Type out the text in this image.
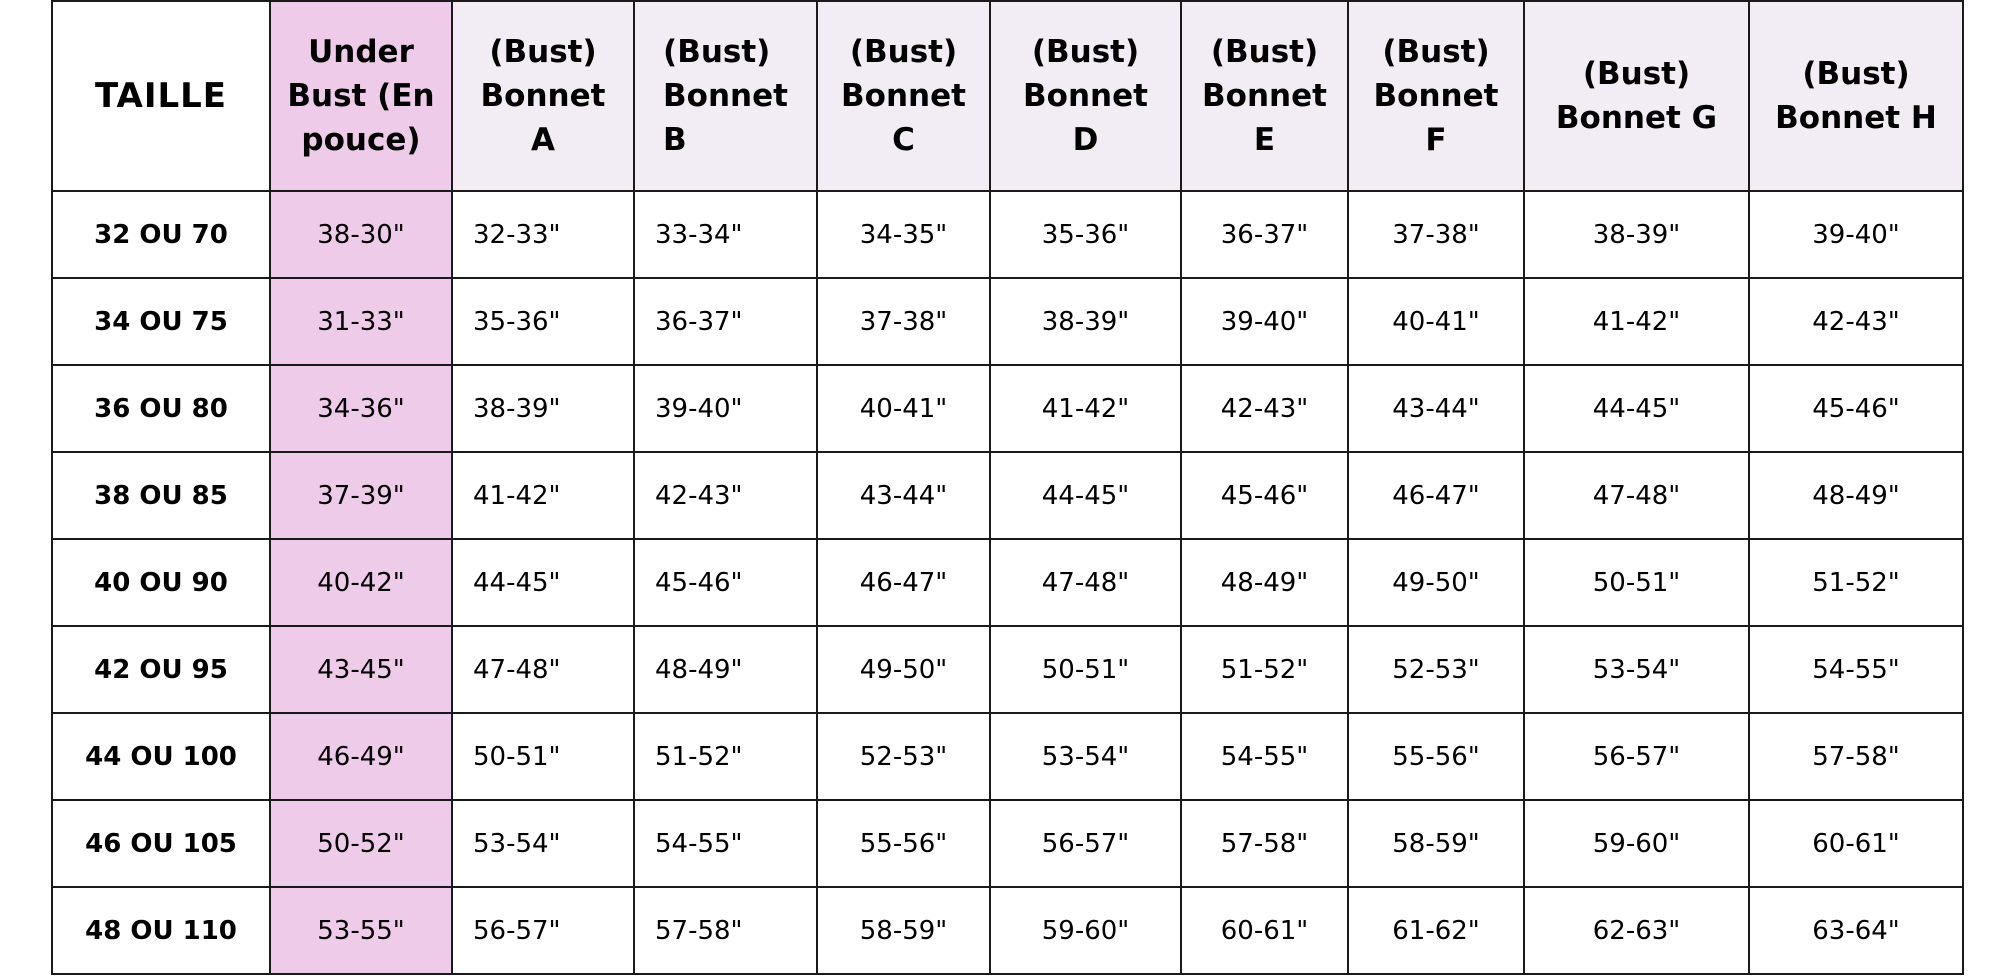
TAILLE	Under
Bust (En
pouce)	(Bust)
Bonnet
A	(Bust)
Bonnet
B	(Bust)
Bonnet
C	(Bust)
Bonnet
D	(Bust)
Bonnet
E	(Bust)
Bonnet
F	(Bust)
Bonnet G	(Bust)
Bonnet H
32 OU 70	38-30"	32-33"	33-34"	34-35"	35-36"	36-37"	37-38"	38-39"	39-40"
34 OU 75	31-33"	35-36"	36-37"	37-38"	38-39"	39-40"	40-41"	41-42"	42-43"
36 OU 80	34-36"	38-39"	39-40"	40-41"	41-42"	42-43"	43-44"	44-45"	45-46"
38 OU 85	37-39"	41-42"	42-43"	43-44"	44-45"	45-46"	46-47"	47-48"	48-49"
40 OU 90	40-42"	44-45"	45-46"	46-47"	47-48"	48-49"	49-50"	50-51"	51-52"
42 OU 95	43-45"	47-48"	48-49"	49-50"	50-51"	51-52"	52-53"	53-54"	54-55"
44 OU 100	46-49"	50-51"	51-52"	52-53"	53-54"	54-55"	55-56"	56-57"	57-58"
46 OU 105	50-52"	53-54"	54-55"	55-56"	56-57"	57-58"	58-59"	59-60"	60-61"
48 OU 110	53-55"	56-57"	57-58"	58-59"	59-60"	60-61"	61-62"	62-63"	63-64"
